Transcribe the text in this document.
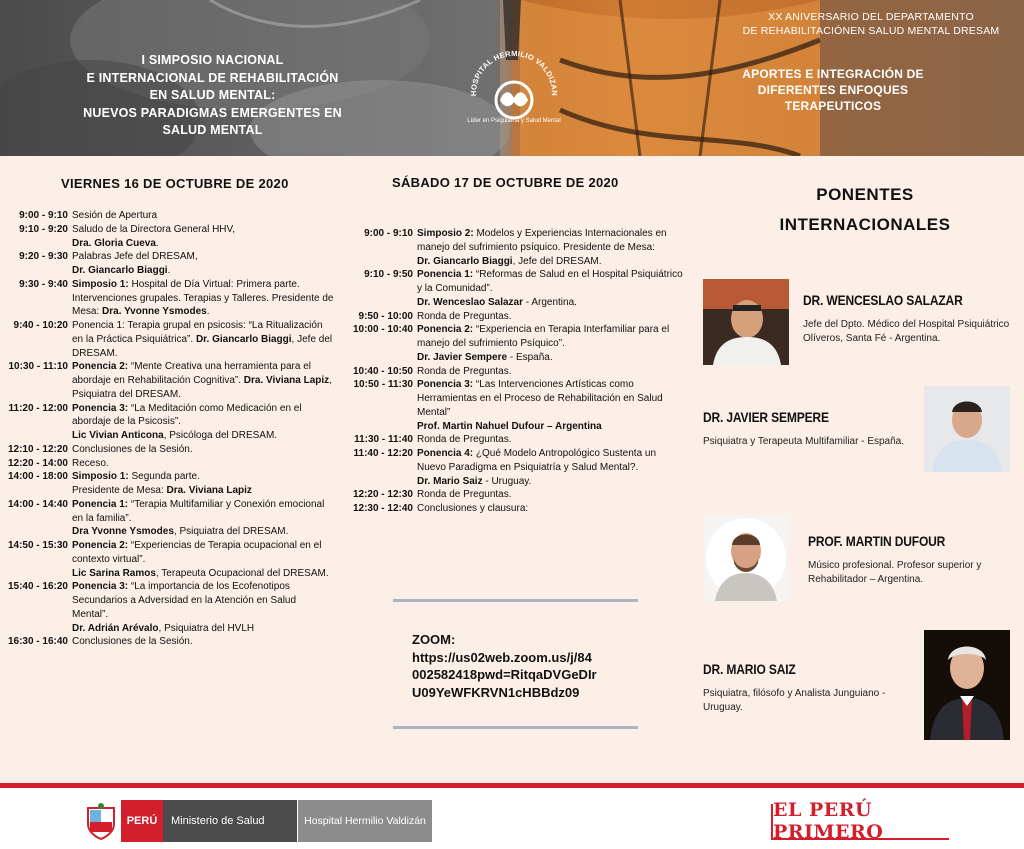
I SIMPOSIO NACIONAL
E INTERNACIONAL DE REHABILITACIÓN
EN SALUD MENTAL:
NUEVOS PARADIGMAS EMERGENTES EN
SALUD MENTAL
HOSPITAL HERMILIO VALDIZAN
Líder en Psiquiatría y Salud Mental
XX ANIVERSARIO DEL DEPARTAMENTO
DE REHABILITACIÓNEN SALUD MENTAL DRESAM
APORTES E INTEGRACIÓN DE
DIFERENTES ENFOQUES
TERAPEUTICOS
VIERNES 16 DE OCTUBRE DE 2020
9:00 - 9:10 Sesión de Apertura
9:10 - 9:20 Saludo de la Directora General HHV,
Dra. Gloria Cueva.
9:20 - 9:30 Palabras Jefe del DRESAM,
Dr. Giancarlo Biaggi.
9:30 - 9:40 Simposio 1: Hospital de Día Virtual: Primera parte. Intervenciones grupales. Terapias y Talleres. Presidente de Mesa: Dra. Yvonne Ysmodes.
9:40 - 10:20 Ponencia 1: Terapia grupal en psicosis: “La Ritualización en la Práctica Psiquiátrica”. Dr. Giancarlo Biaggi, Jefe del DRESAM.
10:30 - 11:10 Ponencia 2: “Mente Creativa una herramienta para el abordaje en Rehabilitación Cognitiva”. Dra. Viviana Lapiz, Psiquiatra del DRESAM.
11:20 - 12:00 Ponencia 3: “La Meditación como Medicación en el abordaje de la Psicosis”.
Lic Vivian Anticona, Psicóloga del DRESAM.
12:10 - 12:20 Conclusiones de la Sesión.
12:20 - 14:00 Receso.
14:00 - 18:00 Simposio 1: Segunda parte.
Presidente de Mesa: Dra. Viviana Lapiz
14:00 - 14:40 Ponencia 1: “Terapia Multifamiliar y Conexión emocional en la familia”.
Dra Yvonne Ysmodes, Psiquiatra del DRESAM.
14:50 - 15:30 Ponencia 2: “Experiencias de Terapia ocupacional en el contexto virtual”.
Lic Sarina Ramos, Terapeuta Ocupacional del DRESAM.
15:40 - 16:20 Ponencia 3: “La importancia de los Ecofenotipos Secundarios a Adversidad en la Atención en Salud Mental”.
Dr. Adrián Arévalo, Psiquiatra del HVLH
16:30 - 16:40 Conclusiones de la Sesión.
SÁBADO 17 DE OCTUBRE DE 2020
9:00 - 9:10 Simposio 2: Modelos y Experiencias Internacionales en manejo del sufrimiento psíquico. Presidente de Mesa:
Dr. Giancarlo Biaggi, Jefe del DRESAM.
9:10 - 9:50 Ponencia 1: “Reformas de Salud en el Hospital Psiquiátrico y la Comunidad”.
Dr. Wenceslao Salazar - Argentina.
9:50 - 10:00 Ronda de Preguntas.
10:00 - 10:40 Ponencia 2: “Experiencia en Terapia Interfamiliar para el manejo del sufrimiento Psíquico”.
Dr. Javier Sempere - España.
10:40 - 10:50 Ronda de Preguntas.
10:50 - 11:30 Ponencia 3: “Las Intervenciones Artísticas como Herramientas en el Proceso de Rehabilitación en Salud Mental”
Prof. Martin Nahuel Dufour – Argentina
11:30 - 11:40 Ronda de Preguntas.
11:40 - 12:20 Ponencia 4: ¿Qué Modelo Antropológico Sustenta un Nuevo Paradigma en Psiquiatría y Salud Mental?.
Dr. Mario Saiz - Uruguay.
12:20 - 12:30 Ronda de Preguntas.
12:30 - 12:40 Conclusiones y clausura:
ZOOM:
https://us02web.zoom.us/j/84
002582418pwd=RitqaDVGeDIr
U09YeWFKRVN1cHBBdz09
PONENTES
INTERNACIONALES
DR. WENCESLAO SALAZAR
Jefe del Dpto. Médico del Hospital Psiquiátrico Olíveros, Santa Fé - Argentina.
DR. JAVIER SEMPERE
Psiquiatra y Terapeuta Multifamiliar - España.
PROF. MARTIN DUFOUR
Músico profesional. Profesor superior y Rehabilitador – Argentina.
DR. MARIO SAIZ
Psiquiatra, filósofo y Analista Junguiano - Uruguay.
PERÚ	Ministerio de Salud	Hospital Hermilio Valdizán	EL PERÚ PRIMERO
